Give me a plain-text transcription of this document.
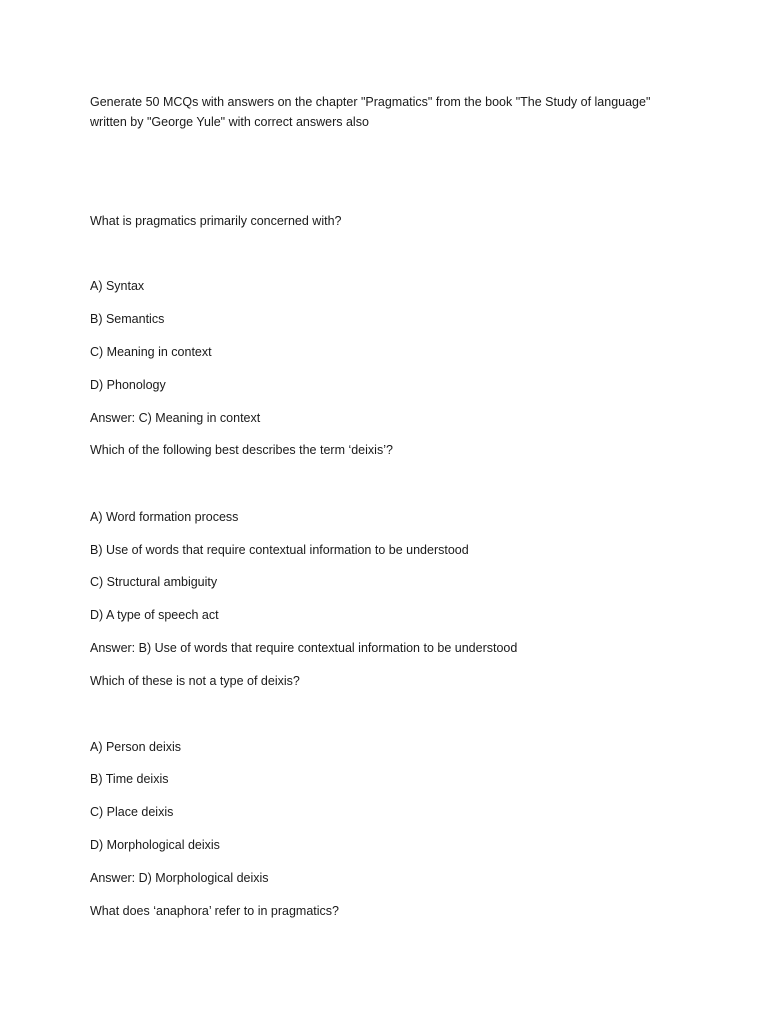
Generate 50 MCQs with answers on the chapter "Pragmatics" from the book "The Study of language" written by "George Yule" with correct answers also
What is pragmatics primarily concerned with?
A) Syntax
B) Semantics
C) Meaning in context
D) Phonology
Answer: C) Meaning in context
Which of the following best describes the term ‘deixis’?
A) Word formation process
B) Use of words that require contextual information to be understood
C) Structural ambiguity
D) A type of speech act
Answer: B) Use of words that require contextual information to be understood
Which of these is not a type of deixis?
A) Person deixis
B) Time deixis
C) Place deixis
D) Morphological deixis
Answer: D) Morphological deixis
What does ‘anaphora’ refer to in pragmatics?
